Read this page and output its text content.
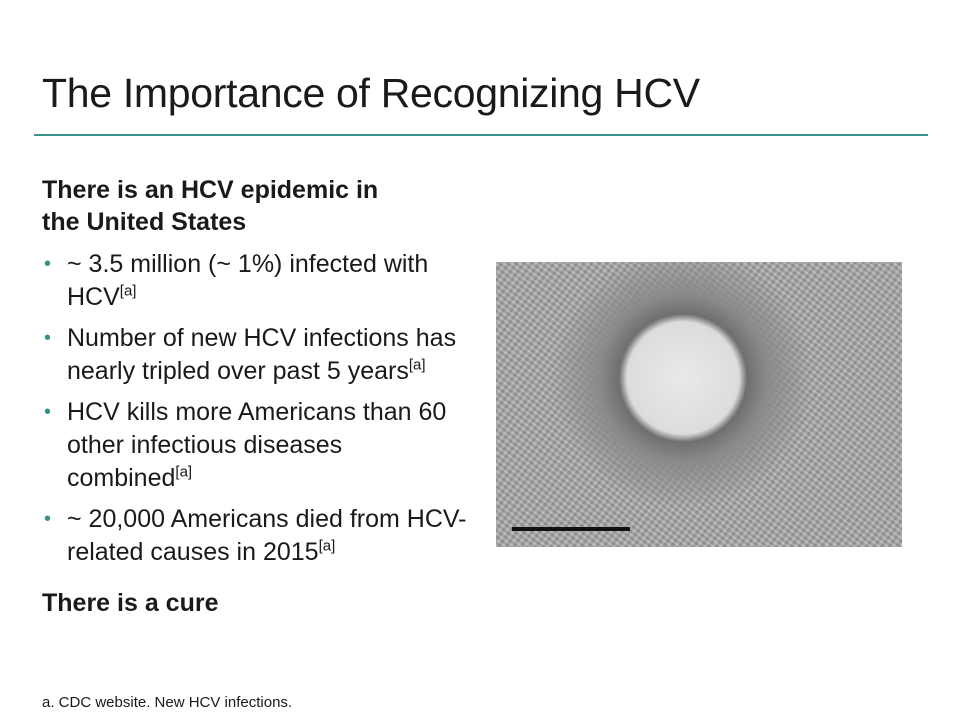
The Importance of Recognizing HCV
There is an HCV epidemic in
the United States
• ~ 3.5 million (~ 1%) infected with HCV[a]
• Number of new HCV infections has nearly tripled over past 5 years[a]
• HCV kills more Americans than 60 other infectious diseases combined[a]
• ~ 20,000 Americans died from HCV-related causes in 2015[a]
There is a cure
a. CDC website. New HCV infections.
